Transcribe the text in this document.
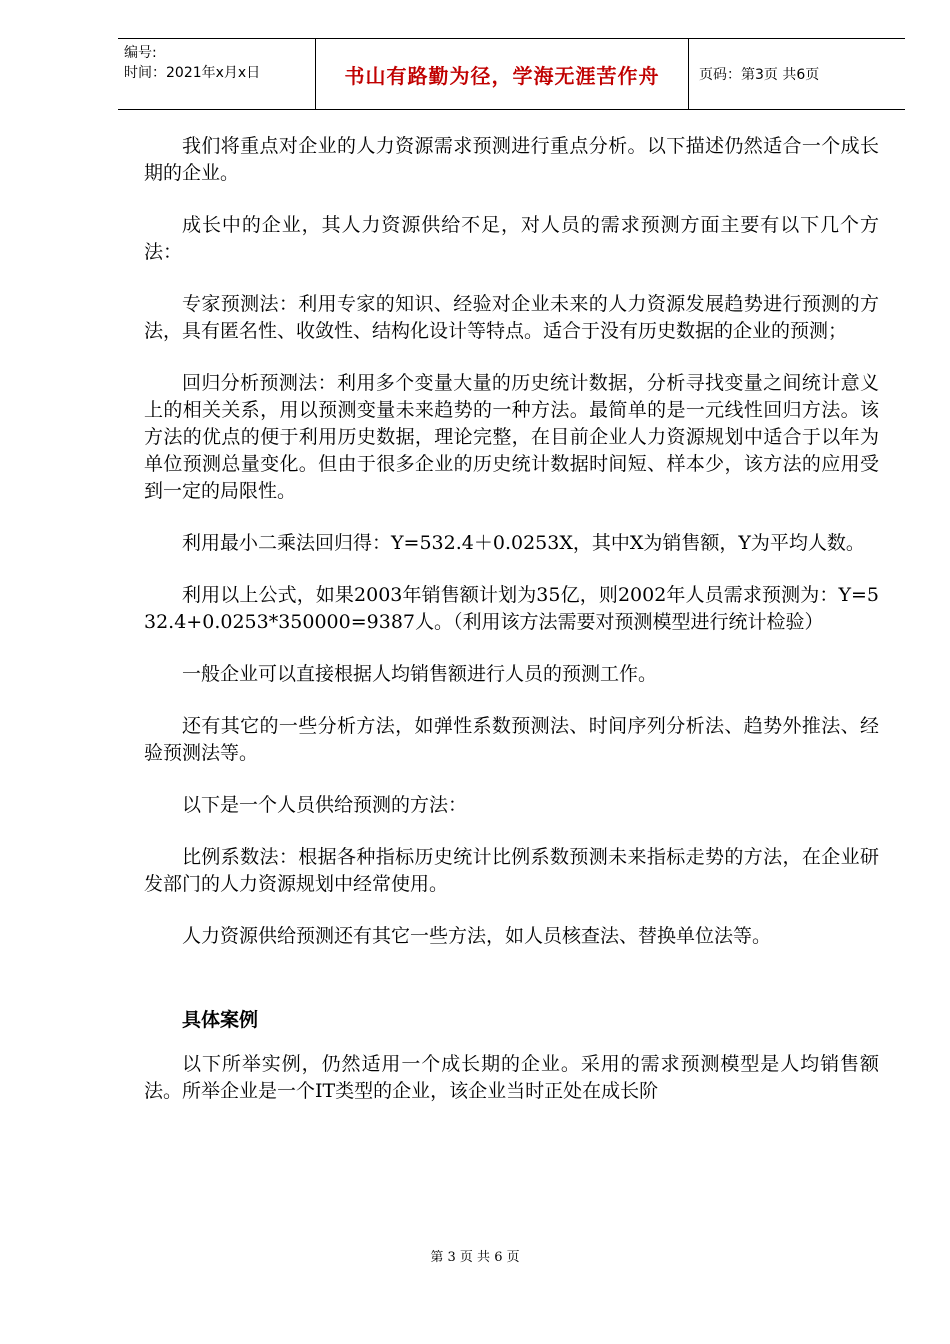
编号:
时间：2021年x月x日	书山有路勤为径，学海无涯苦作舟	页码：第3页 共6页

我们将重点对企业的人力资源需求预测进行重点分析。以下描述仍然适合一个成长期的企业。

成长中的企业，其人力资源供给不足，对人员的需求预测方面主要有以下几个方法：

专家预测法：利用专家的知识、经验对企业未来的人力资源发展趋势进行预测的方法，具有匿名性、收敛性、结构化设计等特点。适合于没有历史数据的企业的预测；

回归分析预测法：利用多个变量大量的历史统计数据，分析寻找变量之间统计意义上的相关关系，用以预测变量未来趋势的一种方法。最简单的是一元线性回归方法。该方法的优点的便于利用历史数据，理论完整，在目前企业人力资源规划中适合于以年为单位预测总量变化。但由于很多企业的历史统计数据时间短、样本少，该方法的应用受到一定的局限性。

利用最小二乘法回归得：Y=532.4＋0.0253X，其中X为销售额，Y为平均人数。

利用以上公式，如果2003年销售额计划为35亿，则2002年人员需求预测为：Y=532.4+0.0253*350000=9387人。（利用该方法需要对预测模型进行统计检验）

一般企业可以直接根据人均销售额进行人员的预测工作。

还有其它的一些分析方法，如弹性系数预测法、时间序列分析法、趋势外推法、经验预测法等。

以下是一个人员供给预测的方法：

比例系数法：根据各种指标历史统计比例系数预测未来指标走势的方法，在企业研发部门的人力资源规划中经常使用。

人力资源供给预测还有其它一些方法，如人员核查法、替换单位法等。

具体案例

以下所举实例，仍然适用一个成长期的企业。采用的需求预测模型是人均销售额法。所举企业是一个IT类型的企业，该企业当时正处在成长阶

第 3 页 共 6 页
